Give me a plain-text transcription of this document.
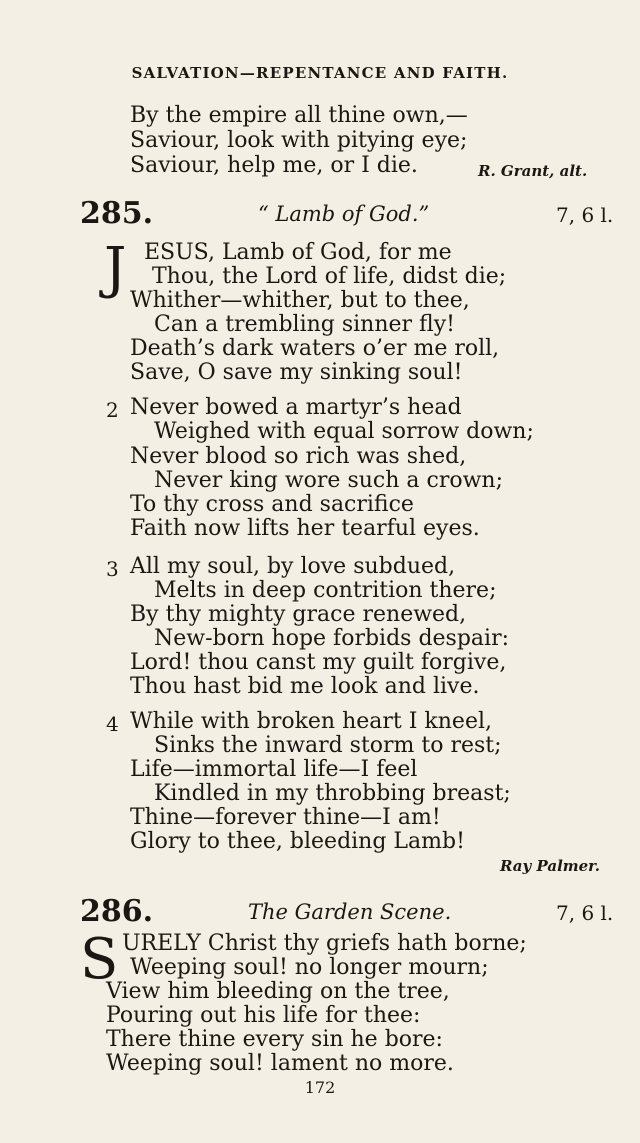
SALVATION—REPENTANCE AND FAITH.
By the empire all thine own,—
Saviour, look with pitying eye;
Saviour, help me, or I die.	R. Grant, alt.
285.	“ Lamb of God.”	7, 6 l.
J ESUS, Lamb of God, for me
Thou, the Lord of life, didst die;
Whither—whither, but to thee,
Can a trembling sinner fly!
Death’s dark waters o’er me roll,
Save, O save my sinking soul!
2 Never bowed a martyr’s head
Weighed with equal sorrow down;
Never blood so rich was shed,
Never king wore such a crown;
To thy cross and sacrifice
Faith now lifts her tearful eyes.
3 All my soul, by love subdued,
Melts in deep contrition there;
By thy mighty grace renewed,
New-born hope forbids despair:
Lord! thou canst my guilt forgive,
Thou hast bid me look and live.
4 While with broken heart I kneel,
Sinks the inward storm to rest;
Life—immortal life—I feel
Kindled in my throbbing breast;
Thine—forever thine—I am!
Glory to thee, bleeding Lamb!
Ray Palmer.
286.	The Garden Scene.	7, 6 l.
S URELY Christ thy griefs hath borne;
Weeping soul! no longer mourn;
View him bleeding on the tree,
Pouring out his life for thee:
There thine every sin he bore:
Weeping soul! lament no more.
172
